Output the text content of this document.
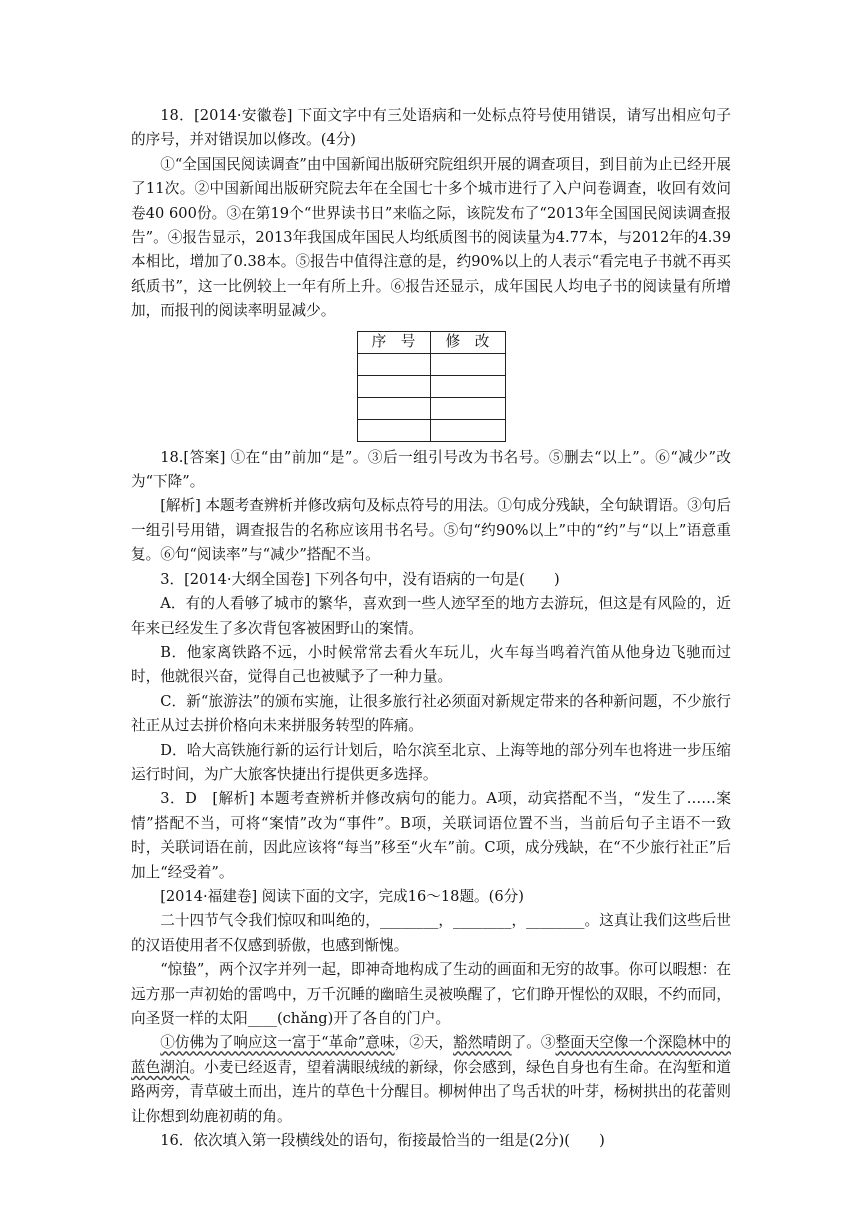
18．[2014·安徽卷] 下面文字中有三处语病和一处标点符号使用错误，请写出相应句子的序号，并对错误加以修改。(4分)

①“全国国民阅读调查”由中国新闻出版研究院组织开展的调查项目，到目前为止已经开展了11次。②中国新闻出版研究院去年在全国七十多个城市进行了入户问卷调查，收回有效问卷40 600份。③在第19个“世界读书日”来临之际，该院发布了“2013年全国国民阅读调查报告”。④报告显示，2013年我国成年国民人均纸质图书的阅读量为4.77本，与2012年的4.39本相比，增加了0.38本。⑤报告中值得注意的是，约90%以上的人表示“看完电子书就不再买纸质书”，这一比例较上一年有所上升。⑥报告还显示，成年国民人均电子书的阅读量有所增加，而报刊的阅读率明显减少。

序　号	修　改

18.[答案] ①在“由”前加“是”。③后一组引号改为书名号。⑤删去“以上”。⑥“减少”改为“下降”。

[解析] 本题考查辨析并修改病句及标点符号的用法。①句成分残缺，全句缺谓语。③句后一组引号用错，调查报告的名称应该用书名号。⑤句“约90%以上”中的“约”与“以上”语意重复。⑥句“阅读率”与“减少”搭配不当。

3．[2014·大纲全国卷] 下列各句中，没有语病的一句是(　　)

A．有的人看够了城市的繁华，喜欢到一些人迹罕至的地方去游玩，但这是有风险的，近年来已经发生了多次背包客被困野山的案情。

B．他家离铁路不远，小时候常常去看火车玩儿，火车每当鸣着汽笛从他身边飞驰而过时，他就很兴奋，觉得自己也被赋予了一种力量。

C．新“旅游法”的颁布实施，让很多旅行社必须面对新规定带来的各种新问题，不少旅行社正从过去拼价格向未来拼服务转型的阵痛。

D．哈大高铁施行新的运行计划后，哈尔滨至北京、上海等地的部分列车也将进一步压缩运行时间，为广大旅客快捷出行提供更多选择。

3．D　 [解析] 本题考查辨析并修改病句的能力。A项，动宾搭配不当，“发生了……案情”搭配不当，可将“案情”改为“事件”。B项，关联词语位置不当，当前后句子主语不一致时，关联词语在前，因此应该将“每当”移至“火车”前。C项，成分残缺，在“不少旅行社正”后加上“经受着”。

[2014·福建卷] 阅读下面的文字，完成16～18题。(6分)

二十四节气令我们惊叹和叫绝的，________，________，________。这真让我们这些后世的汉语使用者不仅感到骄傲，也感到惭愧。

“惊蛰”，两个汉字并列一起，即神奇地构成了生动的画面和无穷的故事。你可以暇想：在远方那一声初始的雷鸣中，万千沉睡的幽暗生灵被唤醒了，它们睁开惺忪的双眼，不约而同，向圣贤一样的太阳____(chǎng)开了各自的门户。

①仿佛为了响应这一富于“革命”意味，②天，豁然晴朗了。③整面天空像一个深隐林中的蓝色湖泊。小麦已经返青，望着满眼绒绒的新绿，你会感到，绿色自身也有生命。在沟堑和道路两旁，青草破土而出，连片的草色十分醒目。柳树伸出了鸟舌状的叶芽，杨树拱出的花蕾则让你想到幼鹿初萌的角。

16．依次填入第一段横线处的语句，衔接最恰当的一组是(2分)(　　)
